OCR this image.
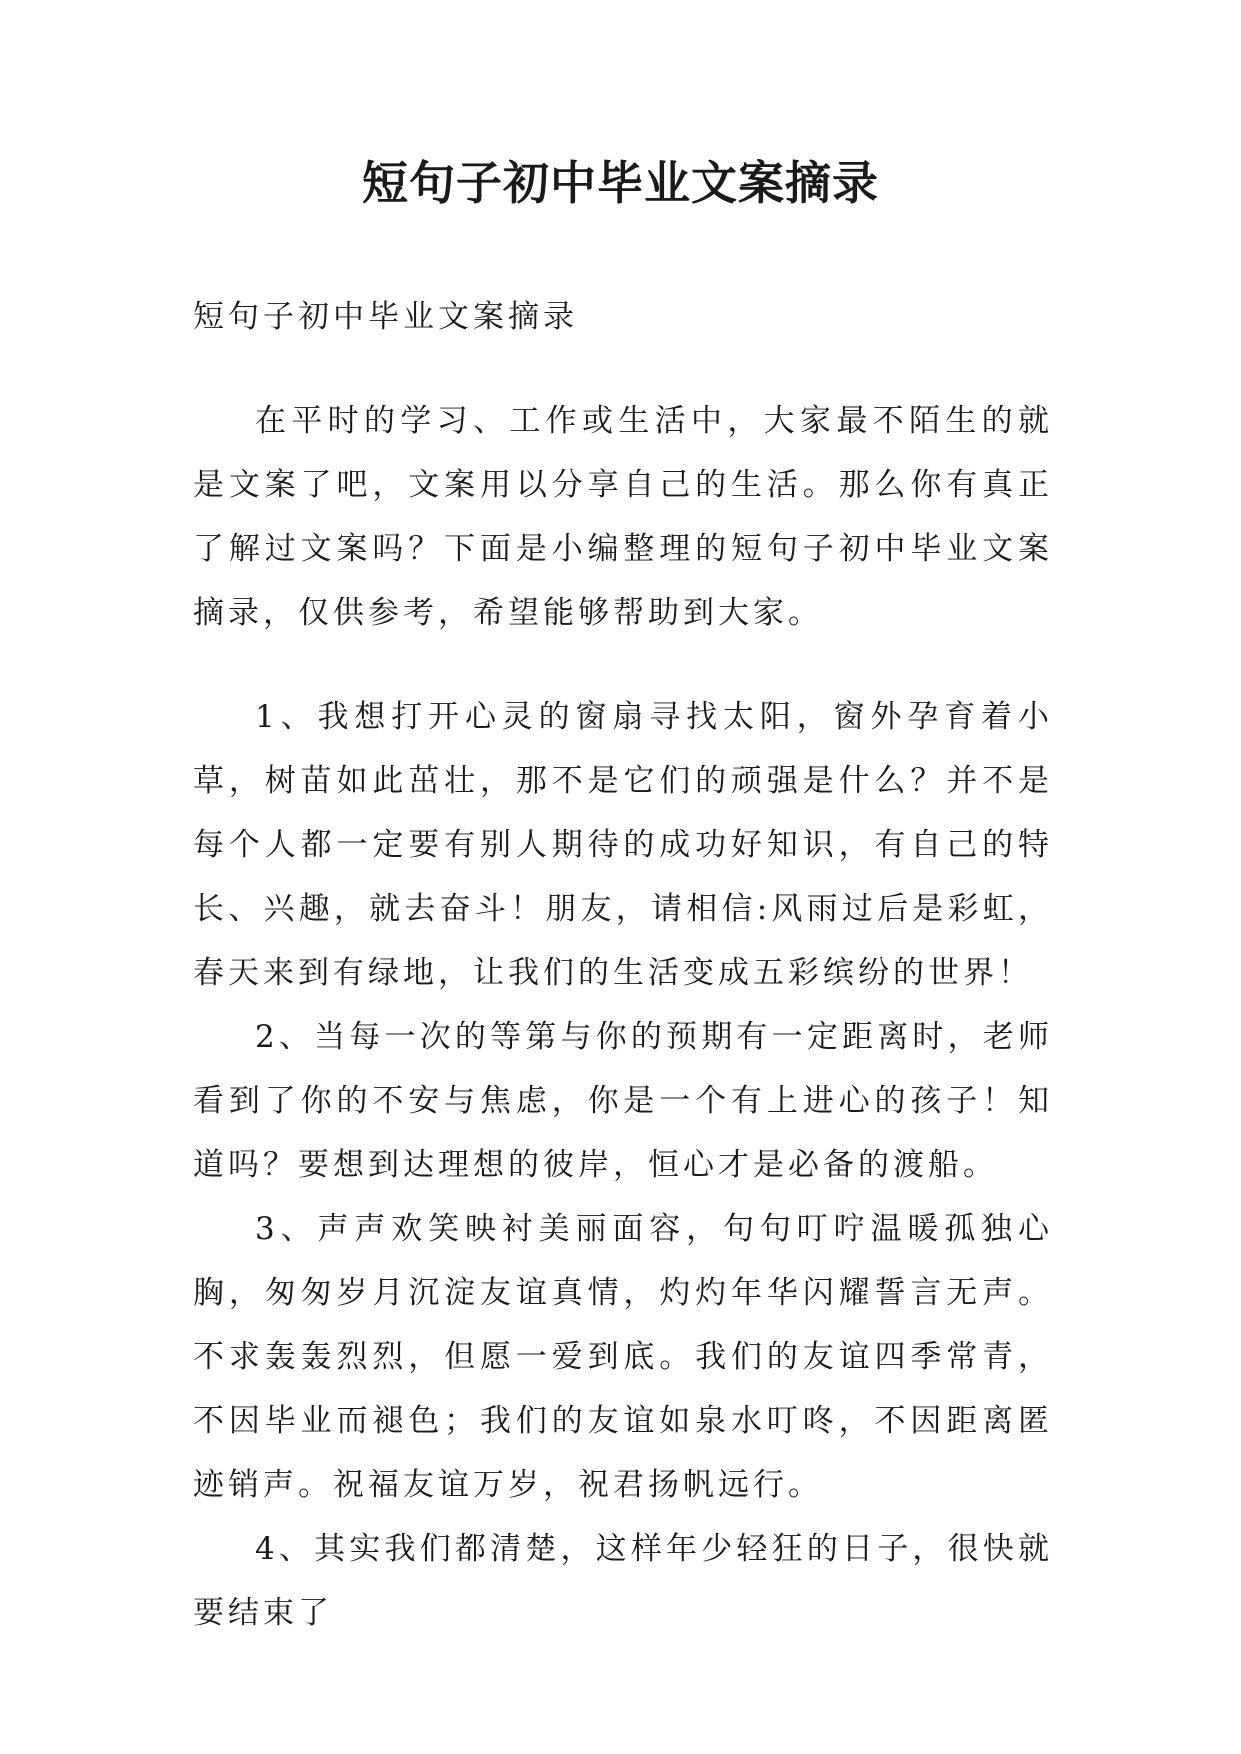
短句子初中毕业文案摘录

短句子初中毕业文案摘录

在平时的学习、工作或生活中，大家最不陌生的就是文案了吧，文案用以分享自己的生活。那么你有真正了解过文案吗？下面是小编整理的短句子初中毕业文案摘录，仅供参考，希望能够帮助到大家。

1、我想打开心灵的窗扇寻找太阳，窗外孕育着小草，树苗如此茁壮，那不是它们的顽强是什么？并不是每个人都一定要有别人期待的成功好知识，有自己的特长、兴趣，就去奋斗！朋友，请相信:风雨过后是彩虹，春天来到有绿地，让我们的生活变成五彩缤纷的世界！

2、当每一次的等第与你的预期有一定距离时，老师看到了你的不安与焦虑，你是一个有上进心的孩子！知道吗？要想到达理想的彼岸，恒心才是必备的渡船。

3、声声欢笑映衬美丽面容，句句叮咛温暖孤独心胸，匆匆岁月沉淀友谊真情，灼灼年华闪耀誓言无声。不求轰轰烈烈，但愿一爱到底。我们的友谊四季常青，不因毕业而褪色；我们的友谊如泉水叮咚，不因距离匿迹销声。祝福友谊万岁，祝君扬帆远行。

4、其实我们都清楚，这样年少轻狂的日子，很快就要结束了
